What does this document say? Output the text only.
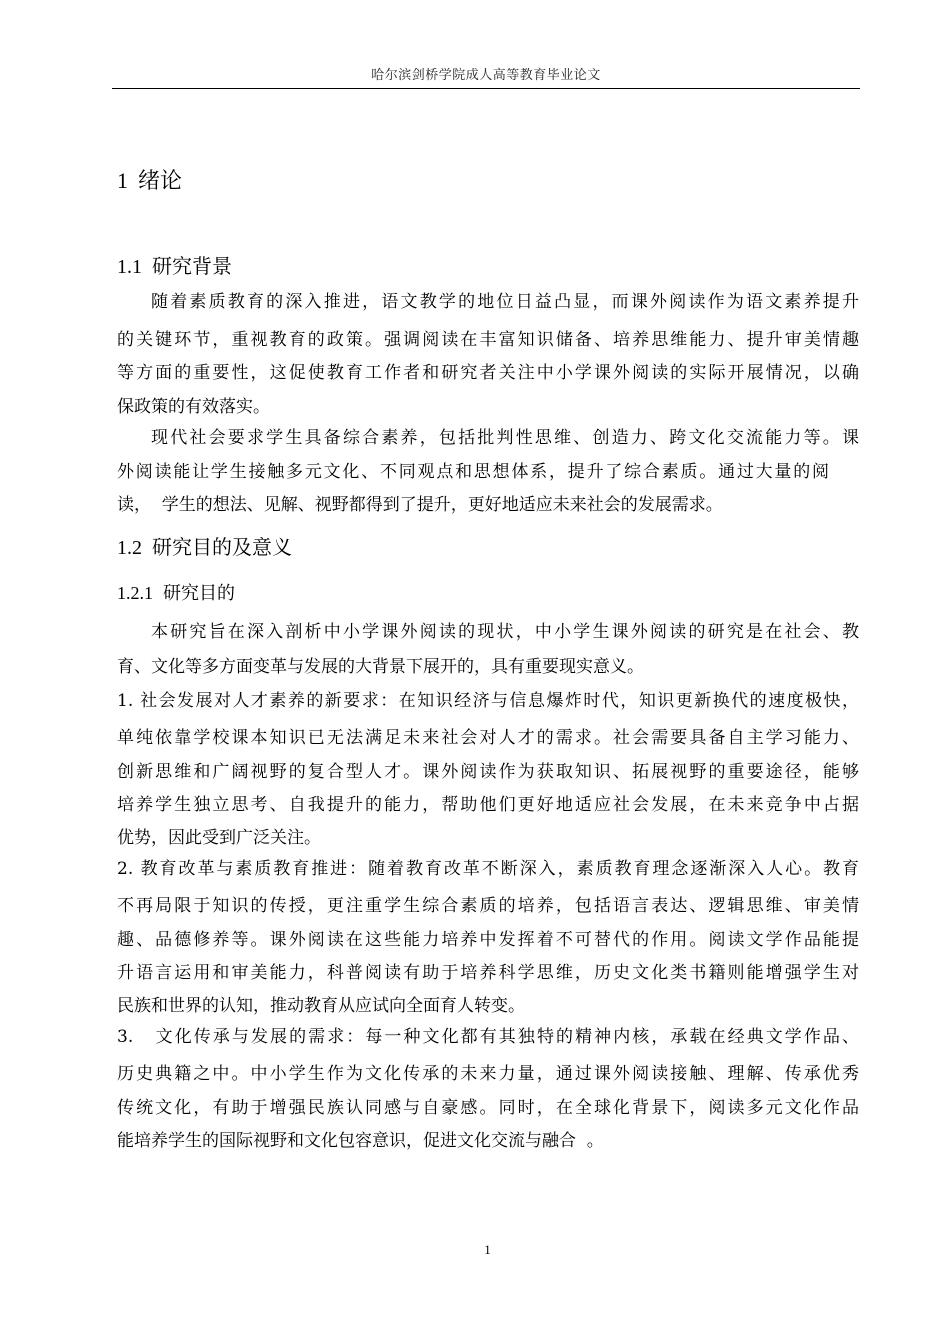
哈尔滨剑桥学院成人高等教育毕业论文
1 绪论
1.1 研究背景
随着素质教育的深入推进，语文教学的地位日益凸显，而课外阅读作为语文素养提升
的关键环节，重视教育的政策。强调阅读在丰富知识储备、培养思维能力、提升审美情趣
等方面的重要性，这促使教育工作者和研究者关注中小学课外阅读的实际开展情况，以确
保政策的有效落实。
现代社会要求学生具备综合素养，包括批判性思维、创造力、跨文化交流能力等。课
外阅读能让学生接触多元文化、不同观点和思想体系，提升了综合素质。通过大量的阅
读，  学生的想法、见解、视野都得到了提升，更好地适应未来社会的发展需求。
1.2 研究目的及意义
1.2.1 研究目的
本研究旨在深入剖析中小学课外阅读的现状，中小学生课外阅读的研究是在社会、教
育、文化等多方面变革与发展的大背景下展开的，具有重要现实意义。
1. 社会发展对人才素养的新要求：在知识经济与信息爆炸时代，知识更新换代的速度极快，
单纯依靠学校课本知识已无法满足未来社会对人才的需求。社会需要具备自主学习能力、
创新思维和广阔视野的复合型人才。课外阅读作为获取知识、拓展视野的重要途径，能够
培养学生独立思考、自我提升的能力，帮助他们更好地适应社会发展，在未来竞争中占据
优势，因此受到广泛关注。
2. 教育改革与素质教育推进：随着教育改革不断深入，素质教育理念逐渐深入人心。教育
不再局限于知识的传授，更注重学生综合素质的培养，包括语言表达、逻辑思维、审美情
趣、品德修养等。课外阅读在这些能力培养中发挥着不可替代的作用。阅读文学作品能提
升语言运用和审美能力，科普阅读有助于培养科学思维，历史文化类书籍则能增强学生对
民族和世界的认知，推动教育从应试向全面育人转变。
3.   文化传承与发展的需求：每一种文化都有其独特的精神内核，承载在经典文学作品、
历史典籍之中。中小学生作为文化传承的未来力量，通过课外阅读接触、理解、传承优秀
传统文化，有助于增强民族认同感与自豪感。同时，在全球化背景下，阅读多元文化作品
能培养学生的国际视野和文化包容意识，促进文化交流与融合  。
1
